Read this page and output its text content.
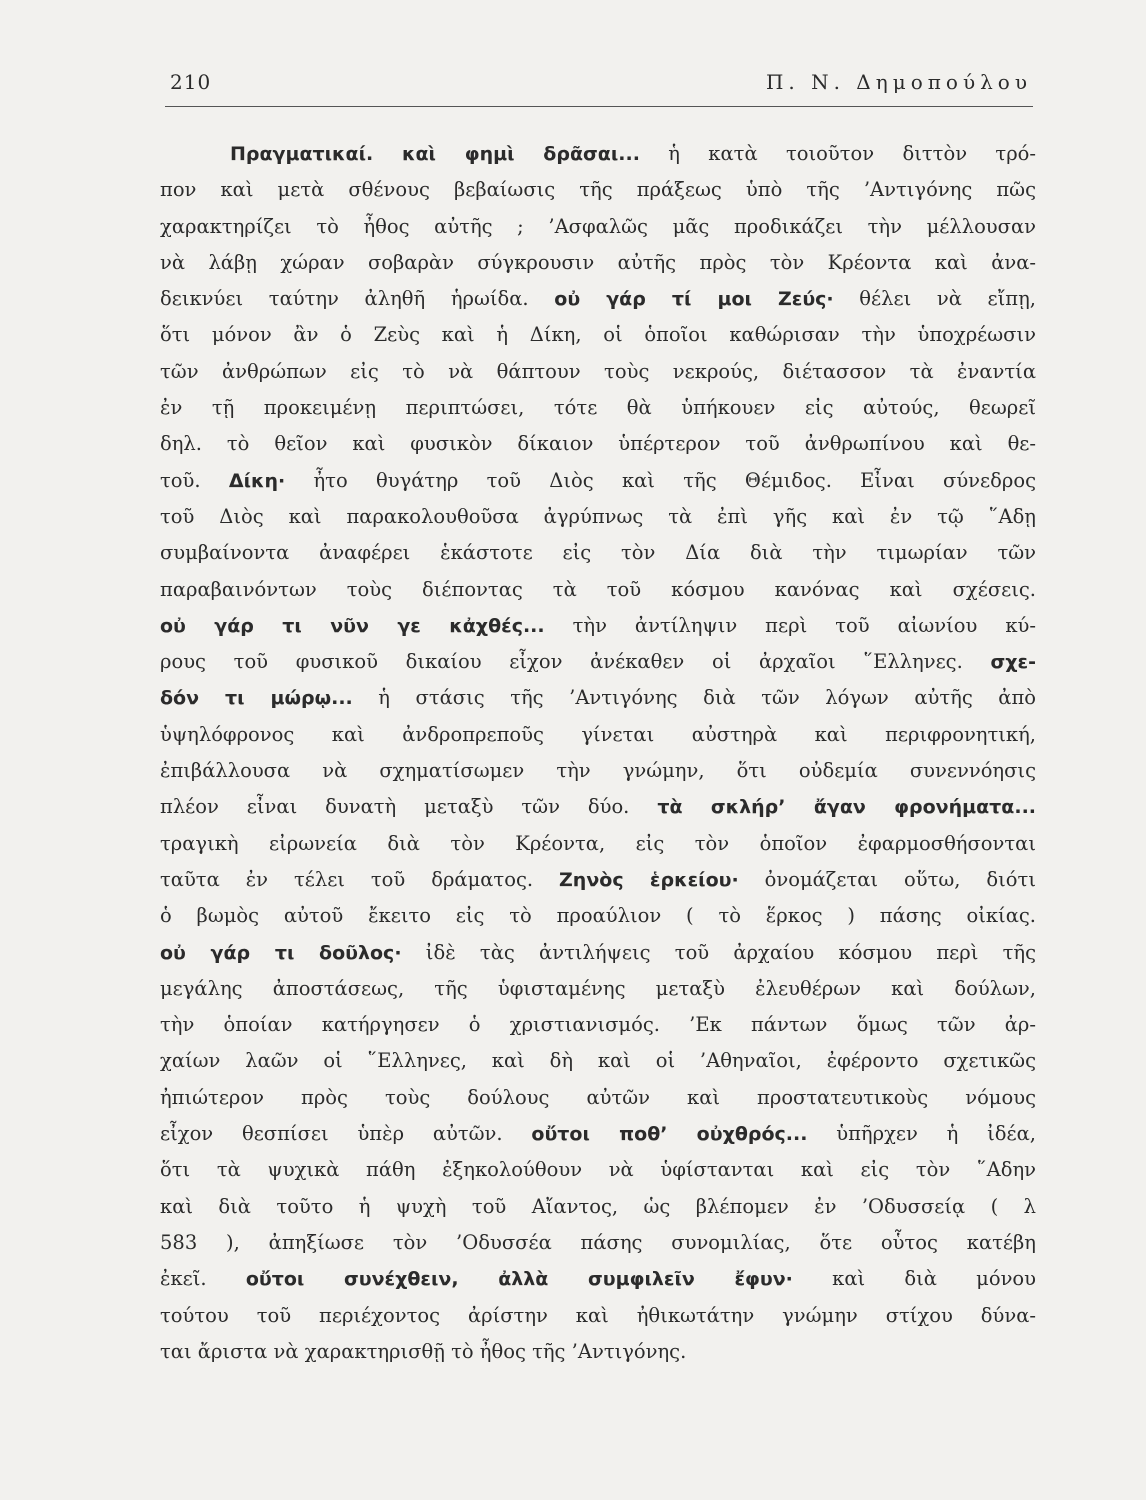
210	Π. Ν. Δημοπούλου
Πραγματικαί. καὶ φημὶ δρᾶσαι... ἡ κατὰ τοιοῦτον διττὸν τρό-
πον καὶ μετὰ σθένους βεβαίωσις τῆς πράξεως ὑπὸ τῆς ’Αντιγόνης πῶς
χαρακτηρίζει τὸ ἦθος αὐτῆς ; ’Ασφαλῶς μᾶς προδικάζει τὴν μέλλουσαν
νὰ λάβῃ χώραν σοβαρὰν σύγκρουσιν αὐτῆς πρὸς τὸν Κρέοντα καὶ ἀνα-
δεικνύει ταύτην ἀληθῆ ἡρωίδα. οὐ γάρ τί μοι Ζεύς· θέλει νὰ εἴπῃ,
ὅτι μόνον ἂν ὁ Ζεὺς καὶ ἡ Δίκη, οἱ ὁποῖοι καθώρισαν τὴν ὑποχρέωσιν
τῶν ἀνθρώπων εἰς τὸ νὰ θάπτουν τοὺς νεκρούς, διέτασσον τὰ ἐναντία
ἐν τῇ προκειμένῃ περιπτώσει, τότε θὰ ὑπήκουεν εἰς αὐτούς, θεωρεῖ
δηλ. τὸ θεῖον καὶ φυσικὸν δίκαιον ὑπέρτερον τοῦ ἀνθρωπίνου καὶ θε-
τοῦ. Δίκη· ἦτο θυγάτηρ τοῦ Διὸς καὶ τῆς Θέμιδος. Εἶναι σύνεδρος
τοῦ Διὸς καὶ παρακολουθοῦσα ἀγρύπνως τὰ ἐπὶ γῆς καὶ ἐν τῷ ῞Αδῃ
συμβαίνοντα ἀναφέρει ἑκάστοτε εἰς τὸν Δία διὰ τὴν τιμωρίαν τῶν
παραβαινόντων τοὺς διέποντας τὰ τοῦ κόσμου κανόνας καὶ σχέσεις.
οὐ γάρ τι νῦν γε κἀχθές... τὴν ἀντίληψιν περὶ τοῦ αἰωνίου κύ-
ρους τοῦ φυσικοῦ δικαίου εἶχον ἀνέκαθεν οἱ ἀρχαῖοι ῞Ελληνες. σχε-
δόν τι μώρῳ... ἡ στάσις τῆς ’Αντιγόνης διὰ τῶν λόγων αὐτῆς ἀπὸ
ὑψηλόφρονος καὶ ἀνδροπρεποῦς γίνεται αὐστηρὰ καὶ περιφρονητική,
ἐπιβάλλουσα νὰ σχηματίσωμεν τὴν γνώμην, ὅτι οὐδεμία συνεννόησις
πλέον εἶναι δυνατὴ μεταξὺ τῶν δύο. τὰ σκλήρ’ ἄγαν φρονήματα...
τραγικὴ εἰρωνεία διὰ τὸν Κρέοντα, εἰς τὸν ὁποῖον ἐφαρμοσθήσονται
ταῦτα ἐν τέλει τοῦ δράματος. Ζηνὸς ἑρκείου· ὀνομάζεται οὕτω, διότι
ὁ βωμὸς αὐτοῦ ἔκειτο εἰς τὸ προαύλιον ( τὸ ἕρκος ) πάσης οἰκίας.
οὐ γάρ τι δοῦλος· ἰδὲ τὰς ἀντιλήψεις τοῦ ἀρχαίου κόσμου περὶ τῆς
μεγάλης ἀποστάσεως, τῆς ὑφισταμένης μεταξὺ ἐλευθέρων καὶ δούλων,
τὴν ὁποίαν κατήργησεν ὁ χριστιανισμός. ’Εκ πάντων ὅμως τῶν ἀρ-
χαίων λαῶν οἱ ῞Ελληνες, καὶ δὴ καὶ οἱ ’Αθηναῖοι, ἐφέροντο σχετικῶς
ἠπιώτερον πρὸς τοὺς δούλους αὐτῶν καὶ προστατευτικοὺς νόμους
εἶχον θεσπίσει ὑπὲρ αὐτῶν. οὔτοι ποθ’ οὐχθρός... ὑπῆρχεν ἡ ἰδέα,
ὅτι τὰ ψυχικὰ πάθη ἐξηκολούθουν νὰ ὑφίστανται καὶ εἰς τὸν ῞Αδην
καὶ διὰ τοῦτο ἡ ψυχὴ τοῦ Αἴαντος, ὡς βλέπομεν ἐν ’Οδυσσείᾳ ( λ
583 ), ἀπηξίωσε τὸν ’Οδυσσέα πάσης συνομιλίας, ὅτε οὗτος κατέβη
ἐκεῖ. οὔτοι συνέχθειν, ἀλλὰ συμφιλεῖν ἔφυν· καὶ διὰ μόνου
τούτου τοῦ περιέχοντος ἀρίστην καὶ ἠθικωτάτην γνώμην στίχου δύνα-
ται ἄριστα νὰ χαρακτηρισθῇ τὸ ἦθος τῆς ’Αντιγόνης.
